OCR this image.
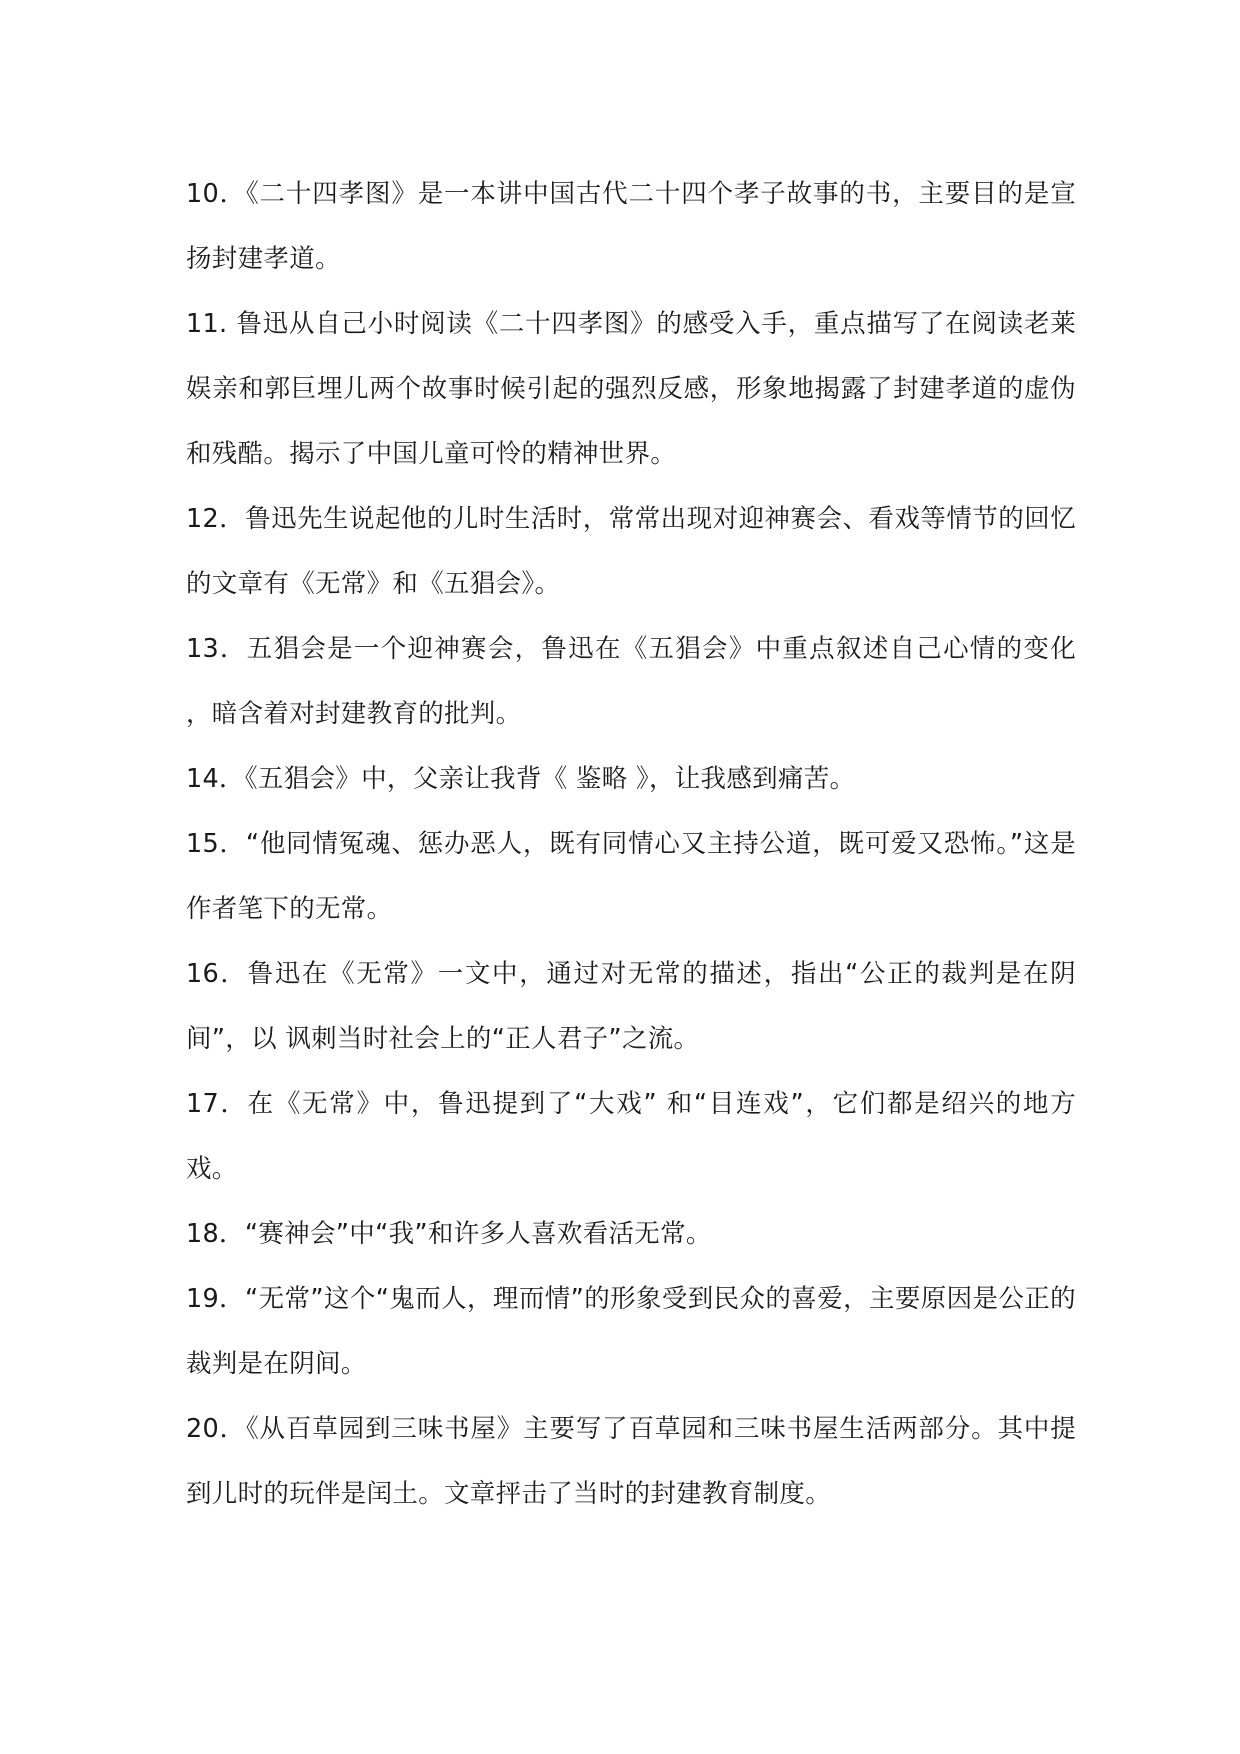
10．《二十四孝图》是一本讲中国古代二十四个孝子故事的书，主要目的是宣扬封建孝道。

11. 鲁迅从自己小时阅读《二十四孝图》的感受入手，重点描写了在阅读老莱娱亲和郭巨埋儿两个故事时候引起的强烈反感，形象地揭露了封建孝道的虚伪和残酷。揭示了中国儿童可怜的精神世界。

12．鲁迅先生说起他的儿时生活时，常常出现对迎神赛会、看戏等情节的回忆的文章有《无常》和《五猖会》。

13．五猖会是一个迎神赛会，鲁迅在《五猖会》中重点叙述自己心情的变化 ，暗含着对封建教育的批判。

14．《五猖会》中，父亲让我背《 鉴略 》，让我感到痛苦。

15．“他同情冤魂、惩办恶人，既有同情心又主持公道，既可爱又恐怖。”这是作者笔下的无常。

16．鲁迅在《无常》一文中，通过对无常的描述，指出“公正的裁判是在阴间”，以 讽刺当时社会上的“正人君子”之流。

17．在《无常》中，鲁迅提到了“大戏” 和“目连戏”，它们都是绍兴的地方戏。

18．“赛神会”中“我”和许多人喜欢看活无常。

19．“无常”这个“鬼而人，理而情”的形象受到民众的喜爱，主要原因是公正的裁判是在阴间。

20．《从百草园到三味书屋》主要写了百草园和三味书屋生活两部分。其中提到儿时的玩伴是闰土。文章抨击了当时的封建教育制度。
